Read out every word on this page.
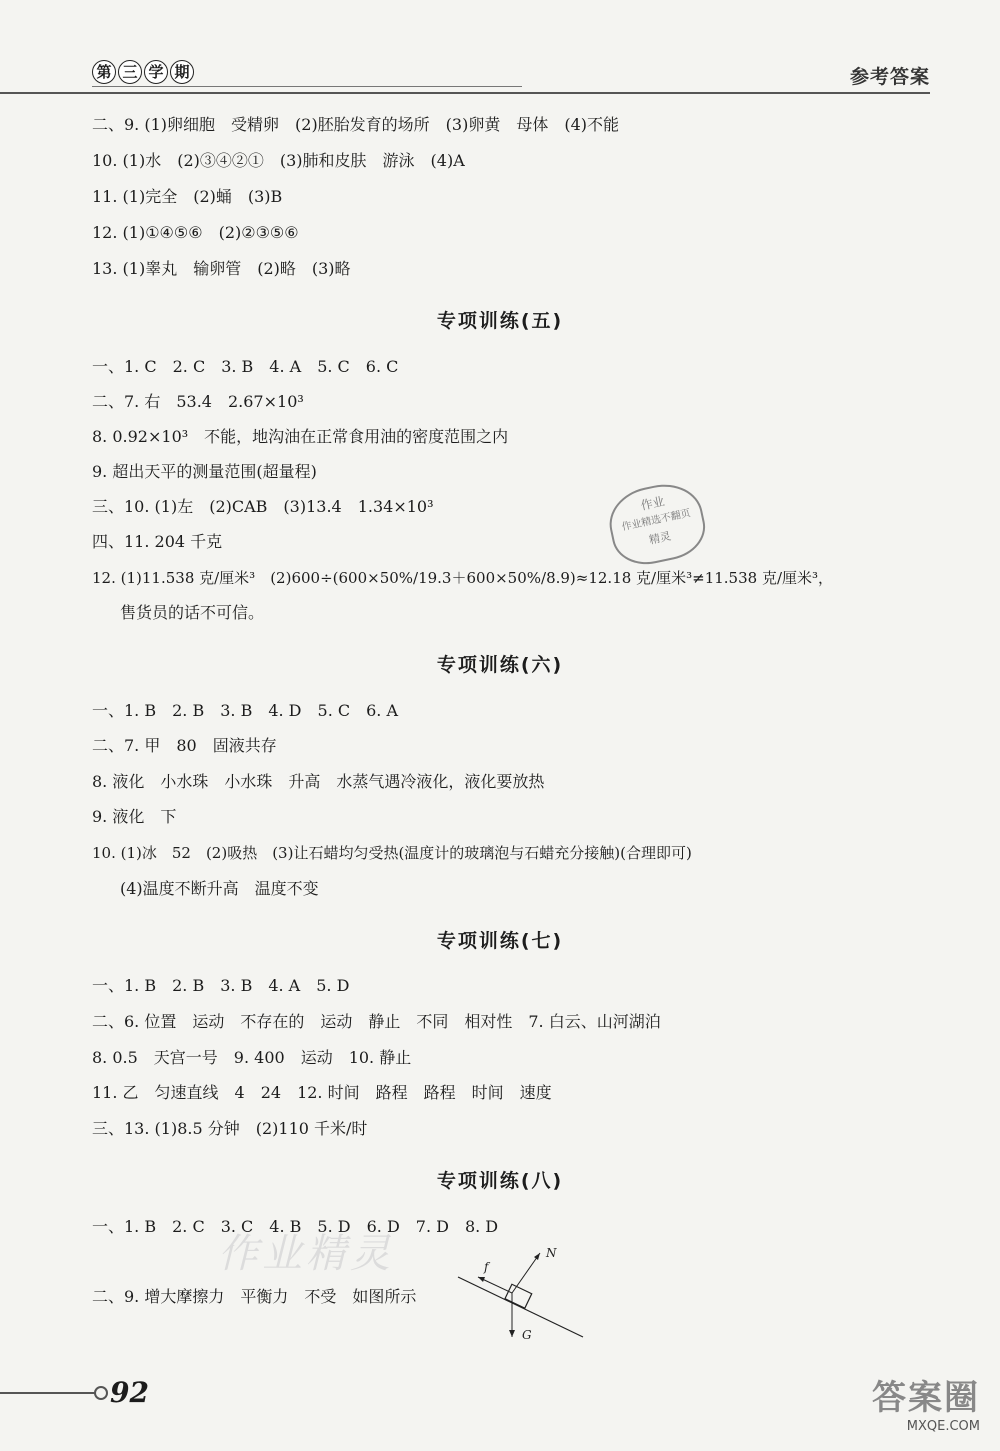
第 三 学 期	参考答案
二、9. (1)卵细胞　受精卵　(2)胚胎发育的场所　(3)卵黄　母体　(4)不能
10. (1)水　(2)③④②①　(3)肺和皮肤　游泳　(4)A
11. (1)完全　(2)蛹　(3)B
12. (1)①④⑤⑥　(2)②③⑤⑥
13. (1)睾丸　输卵管　(2)略　(3)略
专项训练(五)
一、1. C　2. C　3. B　4. A　5. C　6. C
二、7. 右　53.4　2.67×10³
8. 0.92×10³　不能，地沟油在正常食用油的密度范围之内
9. 超出天平的测量范围(超量程)
三、10. (1)左　(2)CAB　(3)13.4　1.34×10³
四、11. 204 千克
12. (1)11.538 克/厘米³　(2)600÷(600×50%/19.3＋600×50%/8.9)≈12.18 克/厘米³≠11.538 克/厘米³，
售货员的话不可信。
作业
作业精选不翻页
精灵
专项训练(六)
一、1. B　2. B　3. B　4. D　5. C　6. A
二、7. 甲　80　固液共存
8. 液化　小水珠　小水珠　升高　水蒸气遇冷液化，液化要放热
9. 液化　下
10. (1)冰　52　(2)吸热　(3)让石蜡均匀受热(温度计的玻璃泡与石蜡充分接触)(合理即可)
(4)温度不断升高　温度不变
专项训练(七)
一、1. B　2. B　3. B　4. A　5. D
二、6. 位置　运动　不存在的　运动　静止　不同　相对性　7. 白云、山河湖泊
8. 0.5　天宫一号　9. 400　运动　10. 静止
11. 乙　匀速直线　4　24　12. 时间　路程　路程　时间　速度
三、13. (1)8.5 分钟　(2)110 千米/时
专项训练(八)
一、1. B　2. C　3. C　4. B　5. D　6. D　7. D　8. D
作业精灵
二、9. 增大摩擦力　平衡力　不受　如图所示
N
f
G
92	答案圈
MXQE.COM
